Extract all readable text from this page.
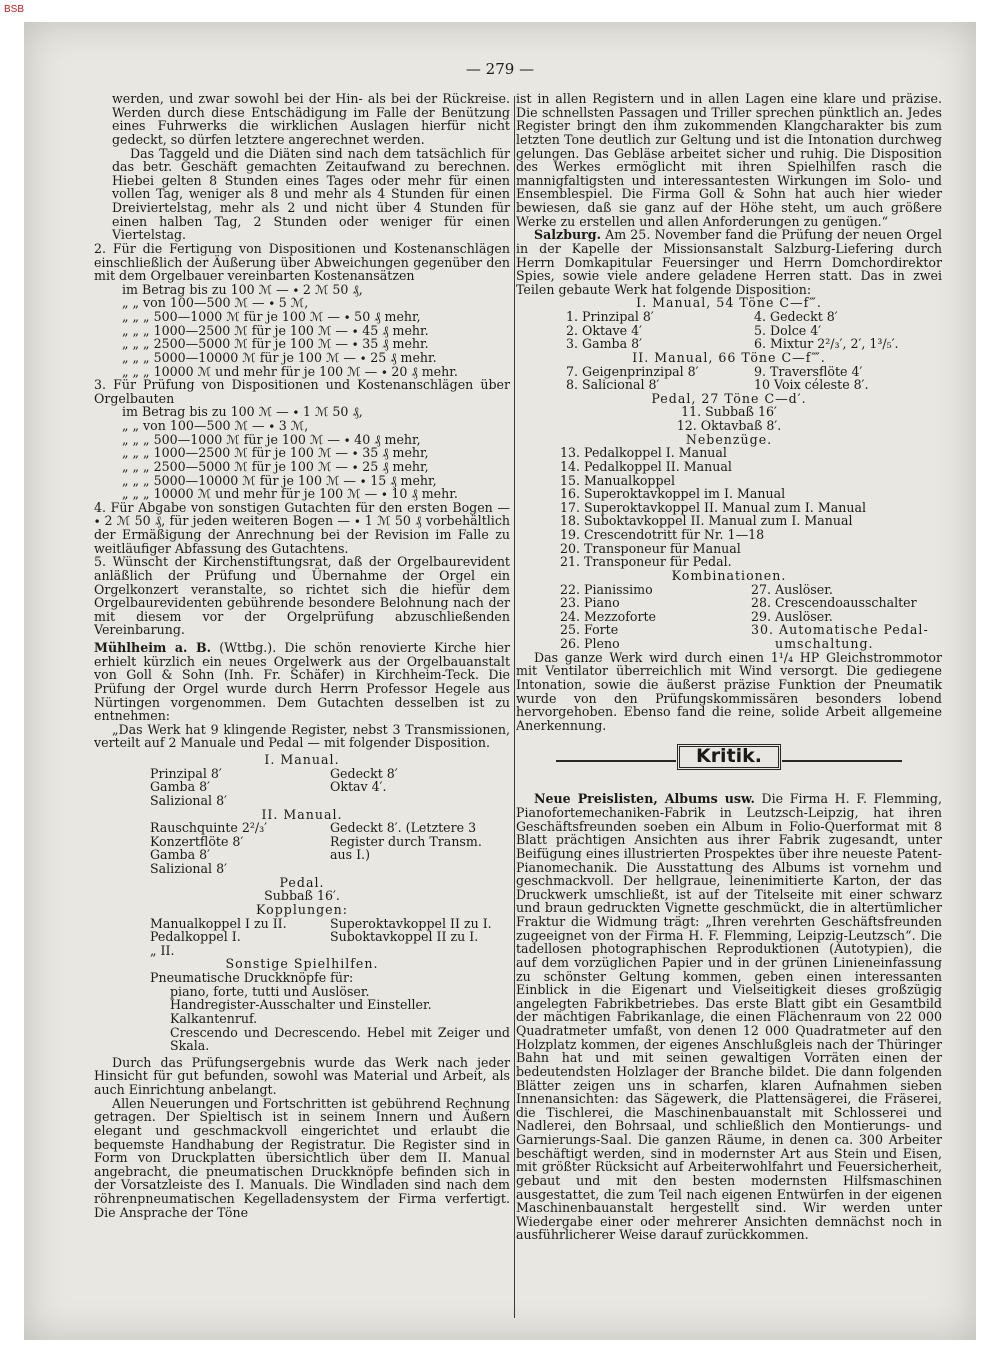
BSB
— 279 —

werden, und zwar sowohl bei der Hin- als bei der Rückreise. Werden durch diese Entschädigung im Falle der Benützung eines Fuhrwerks die wirklichen Auslagen hierfür nicht gedeckt, so dürfen letztere angerechnet werden.

Das Taggeld und die Diäten sind nach dem tatsächlich für das betr. Geschäft gemachten Zeitaufwand zu berechnen. Hiebei gelten 8 Stunden eines Tages oder mehr für einen vollen Tag, weniger als 8 und mehr als 4 Stunden für einen Dreiviertelstag, mehr als 2 und nicht über 4 Stunden für einen halben Tag, 2 Stunden oder weniger für einen Viertelstag.

2. Für die Fertigung von Dispositionen und Kostenanschlägen einschließlich der Äußerung über Abweichungen gegenüber den mit dem Orgelbauer vereinbarten Kostenansätzen

im Betrag bis zu 100 ℳ — ∙ 2 ℳ 50 ₰,

„ „ von 100—500 ℳ — ∙ 5 ℳ,

„ „ „ 500—1000 ℳ für je 100 ℳ — ∙ 50 ₰ mehr,

„ „ „ 1000—2500 ℳ für je 100 ℳ — ∙ 45 ₰ mehr.

„ „ „ 2500—5000 ℳ für je 100 ℳ — ∙ 35 ₰ mehr.

„ „ „ 5000—10000 ℳ für je 100 ℳ — ∙ 25 ₰ mehr.

„ „ „ 10000 ℳ und mehr für je 100 ℳ — ∙ 20 ₰ mehr.

3. Für Prüfung von Dispositionen und Kostenanschlägen über Orgelbauten

im Betrag bis zu 100 ℳ — ∙ 1 ℳ 50 ₰,

„ „ von 100—500 ℳ — ∙ 3 ℳ,

„ „ „ 500—1000 ℳ für je 100 ℳ — ∙ 40 ₰ mehr,

„ „ „ 1000—2500 ℳ für je 100 ℳ — ∙ 35 ₰ mehr,

„ „ „ 2500—5000 ℳ für je 100 ℳ — ∙ 25 ₰ mehr,

„ „ „ 5000—10000 ℳ für je 100 ℳ — ∙ 15 ₰ mehr,

„ „ „ 10000 ℳ und mehr für je 100 ℳ — ∙ 10 ₰ mehr.

4. Für Abgabe von sonstigen Gutachten für den ersten Bogen — ∙ 2 ℳ 50 ₰, für jeden weiteren Bogen — ∙ 1 ℳ 50 ₰ vorbehältlich der Ermäßigung der Anrechnung bei der Revision im Falle zu weitläufiger Abfassung des Gutachtens.

5. Wünscht der Kirchenstiftungsrat, daß der Orgelbaurevident anläßlich der Prüfung und Übernahme der Orgel ein Orgelkonzert veranstalte, so richtet sich die hiefür dem Orgelbaurevidenten gebührende besondere Belohnung nach der mit diesem vor der Orgelprüfung abzuschließenden Vereinbarung.

Mühlheim a. B. (Wttbg.). Die schön renovierte Kirche hier erhielt kürzlich ein neues Orgelwerk aus der Orgelbauanstalt von Goll & Sohn (Inh. Fr. Schäfer) in Kirchheim-Teck. Die Prüfung der Orgel wurde durch Herrn Professor Hegele aus Nürtingen vorgenommen. Dem Gutachten desselben ist zu entnehmen:

„Das Werk hat 9 klingende Register, nebst 3 Transmissionen, verteilt auf 2 Manuale und Pedal — mit folgender Disposition.

I. Manual.

Prinzipal 8′	Gedeckt 8′
Gamba 8′	Oktav 4′.
Salizional 8′

II. Manual.

Rauschquinte 2²/₃′	Gedeckt 8′. (Letztere 3
Konzertflöte 8′	Register durch Transm.
Gamba 8′	aus I.)
Salizional 8′

Pedal.

Subbaß 16′.

Kopplungen:

Manualkoppel I zu II.	Superoktavkoppel II zu I.
Pedalkoppel I.	Suboktavkoppel II zu I.
„ II.

Sonstige Spielhilfen.

Pneumatische Druckknöpfe für:

piano, forte, tutti und Auslöser.

Handregister-Ausschalter und Einsteller.

Kalkantenruf.

Crescendo und Decrescendo. Hebel mit Zeiger und Skala.

Durch das Prüfungsergebnis wurde das Werk nach jeder Hinsicht für gut befunden, sowohl was Material und Arbeit, als auch Einrichtung anbelangt.

Allen Neuerungen und Fortschritten ist gebührend Rechnung getragen. Der Spieltisch ist in seinem Innern und Äußern elegant und geschmackvoll eingerichtet und erlaubt die bequemste Handhabung der Registratur. Die Register sind in Form von Druckplatten übersichtlich über dem II. Manual angebracht, die pneumatischen Druckknöpfe befinden sich in der Vorsatzleiste des I. Manuals. Die Windladen sind nach dem röhrenpneumatischen Kegelladensystem der Firma verfertigt. Die Ansprache der Töne

ist in allen Registern und in allen Lagen eine klare und präzise. Die schnellsten Passagen und Triller sprechen pünktlich an. Jedes Register bringt den ihm zukommenden Klangcharakter bis zum letzten Tone deutlich zur Geltung und ist die Intonation durchweg gelungen. Das Gebläse arbeitet sicher und ruhig. Die Disposition des Werkes ermöglicht mit ihren Spielhilfen rasch die mannigfaltigsten und interessantesten Wirkungen im Solo- und Ensemblespiel. Die Firma Goll & Sohn hat auch hier wieder bewiesen, daß sie ganz auf der Höhe steht, um auch größere Werke zu erstellen und allen Anforderungen zu genügen.“

Salzburg. Am 25. November fand die Prüfung der neuen Orgel in der Kapelle der Missionsanstalt Salzburg-Liefering durch Herrn Domkapitular Feuersinger und Herrn Domchordirektor Spies, sowie viele andere geladene Herren statt. Das in zwei Teilen gebaute Werk hat folgende Disposition:

I. Manual, 54 Töne C—f‴.

1. Prinzipal 8′	4. Gedeckt 8′
2. Oktave 4′	5. Dolce 4′
3. Gamba 8′	6. Mixtur 2²/₃′, 2′, 1³/₅′.

II. Manual, 66 Töne C—f⁗.

7. Geigenprinzipal 8′	9. Traversflöte 4′
8. Salicional 8′	10 Voix céleste 8′.

Pedal, 27 Töne C—d′.

11. Subbaß 16′

12. Oktavbaß 8′.

Nebenzüge.

13. Pedalkoppel I. Manual

14. Pedalkoppel II. Manual

15. Manualkoppel

16. Superoktavkoppel im I. Manual

17. Superoktavkoppel II. Manual zum I. Manual

18. Suboktavkoppel II. Manual zum I. Manual

19. Crescendotritt für Nr. 1—18

20. Transponeur für Manual

21. Transponeur für Pedal.

Kombinationen.

22. Pianissimo	27. Auslöser.
23. Piano	28. Crescendoausschalter
24. Mezzoforte	29. Auslöser.
25. Forte	30. Automatische Pedal-
26. Pleno	umschaltung.

Das ganze Werk wird durch einen 1¹/₄ HP Gleichstrommotor mit Ventilator überreichlich mit Wind versorgt. Die gediegene Intonation, sowie die äußerst präzise Funktion der Pneumatik wurde von den Prüfungskommissären besonders lobend hervorgehoben. Ebenso fand die reine, solide Arbeit allgemeine Anerkennung.

Kritik.

Neue Preislisten, Albums usw. Die Firma H. F. Flemming, Pianofortemechaniken-Fabrik in Leutzsch-Leipzig, hat ihren Geschäftsfreunden soeben ein Album in Folio-Querformat mit 8 Blatt prächtigen Ansichten aus ihrer Fabrik zugesandt, unter Beifügung eines illustrierten Prospektes über ihre neueste Patent-Pianomechanik. Die Ausstattung des Albums ist vornehm und geschmackvoll. Der hellgraue, leinenimitierte Karton, der das Druckwerk umschließt, ist auf der Titelseite mit einer schwarz und braun gedruckten Vignette geschmückt, die in altertümlicher Fraktur die Widmung trägt: „Ihren verehrten Geschäftsfreunden zugeeignet von der Firma H. F. Flemming, Leipzig-Leutzsch“. Die tadellosen photographischen Reproduktionen (Autotypien), die auf dem vorzüglichen Papier und in der grünen Linieneinfassung zu schönster Geltung kommen, geben einen interessanten Einblick in die Eigenart und Vielseitigkeit dieses großzügig angelegten Fabrikbetriebes. Das erste Blatt gibt ein Gesamtbild der mächtigen Fabrikanlage, die einen Flächenraum von 22 000 Quadratmeter umfaßt, von denen 12 000 Quadratmeter auf den Holzplatz kommen, der eigenes Anschlußgleis nach der Thüringer Bahn hat und mit seinen gewaltigen Vorräten einen der bedeutendsten Holzlager der Branche bildet. Die dann folgenden Blätter zeigen uns in scharfen, klaren Aufnahmen sieben Innenansichten: das Sägewerk, die Plattensägerei, die Fräserei, die Tischlerei, die Maschinenbauanstalt mit Schlosserei und Nadlerei, den Bohrsaal, und schließlich den Montierungs- und Garnierungs-Saal. Die ganzen Räume, in denen ca. 300 Arbeiter beschäftigt werden, sind in modernster Art aus Stein und Eisen, mit größter Rücksicht auf Arbeiterwohlfahrt und Feuersicherheit, gebaut und mit den besten modernsten Hilfsmaschinen ausgestattet, die zum Teil nach eigenen Entwürfen in der eigenen Maschinenbauanstalt hergestellt sind. Wir werden unter Wiedergabe einer oder mehrerer Ansichten demnächst noch in ausführlicherer Weise darauf zurückkommen.
